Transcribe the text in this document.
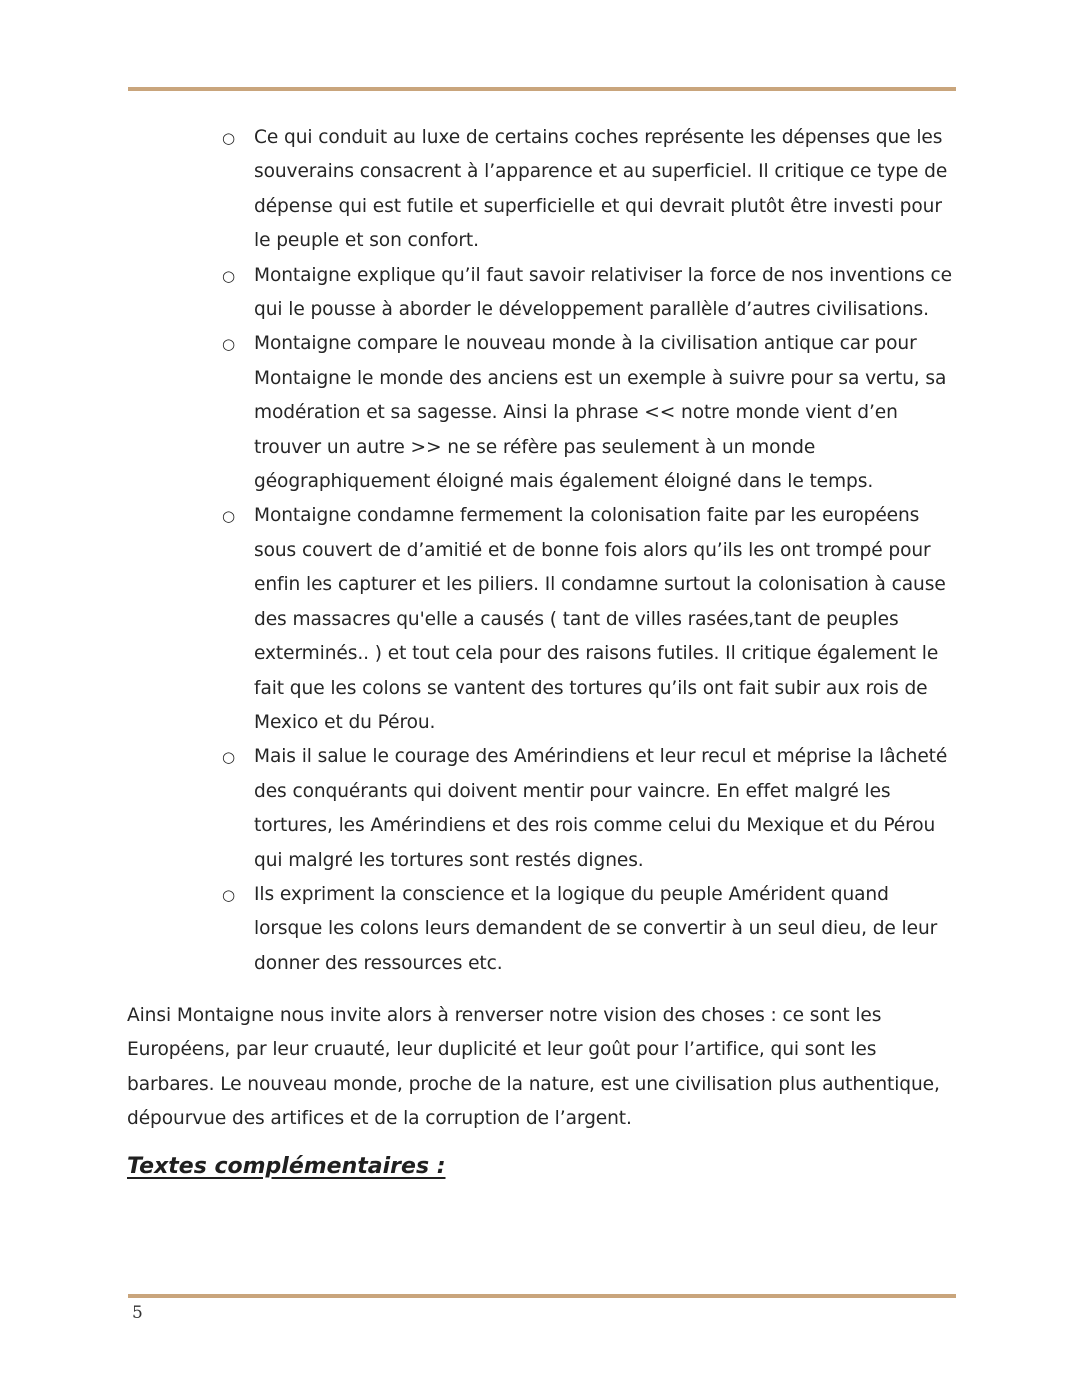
○ Ce qui conduit au luxe de certains coches représente les dépenses que les souverains consacrent à l’apparence et au superficiel. Il critique ce type de dépense qui est futile et superficielle et qui devrait plutôt être investi pour le peuple et son confort.
○ Montaigne explique qu’il faut savoir relativiser la force de nos inventions ce qui le pousse à aborder le développement parallèle d’autres civilisations.
○ Montaigne compare le nouveau monde à la civilisation antique car pour Montaigne le monde des anciens est un exemple à suivre pour sa vertu, sa modération et sa sagesse. Ainsi la phrase << notre monde vient d’en trouver un autre >> ne se réfère pas seulement à un monde géographiquement éloigné mais également éloigné dans le temps.
○ Montaigne condamne fermement la colonisation faite par les européens sous couvert de d’amitié et de bonne fois alors qu’ils les ont trompé pour enfin les capturer et les piliers. Il condamne surtout la colonisation à cause des massacres qu'elle a causés ( tant de villes rasées,tant de peuples exterminés.. ) et tout cela pour des raisons futiles. Il critique également le fait que les colons se vantent des tortures qu’ils ont fait subir aux rois de Mexico et du Pérou.
○ Mais il salue le courage des Amérindiens et leur recul et méprise la lâcheté des conquérants qui doivent mentir pour vaincre. En effet malgré les tortures, les Amérindiens et des rois comme celui du Mexique et du Pérou qui malgré les tortures sont restés dignes.
○ Ils expriment la conscience et la logique du peuple Amérident quand lorsque les colons leurs demandent de se convertir à un seul dieu, de leur donner des ressources etc.

Ainsi Montaigne nous invite alors à renverser notre vision des choses : ce sont les Européens, par leur cruauté, leur duplicité et leur goût pour l’artifice, qui sont les barbares. Le nouveau monde, proche de la nature, est une civilisation plus authentique, dépourvue des artifices et de la corruption de l’argent.

Textes complémentaires :
5
